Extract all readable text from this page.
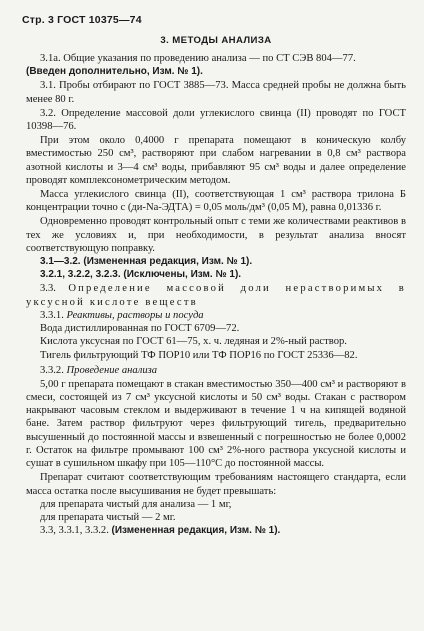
Стр. 3 ГОСТ 10375—74
3. МЕТОДЫ АНАЛИЗА

3.1а. Общие указания по проведению анализа — по СТ СЭВ 804—77.

(Введен дополнительно, Изм. № 1).

3.1. Пробы отбирают по ГОСТ 3885—73. Масса средней пробы не должна быть менее 80 г.

3.2. Определение массовой доли углекислого свинца (II) проводят по ГОСТ 10398—76.

При этом около 0,4000 г препарата помещают в коническую колбу вместимостью 250 см³, растворяют при слабом нагревании в 0,8 см³ раствора азотной кислоты и 3—4 см³ воды, прибавляют 95 см³ воды и далее определение проводят комплексонометрическим методом.

Масса углекислого свинца (II), соответствующая 1 см³ раствора трилона Б концентрации точно с (ди-Na-ЭДТА) = 0,05 моль/дм³ (0,05 М), равна 0,01336 г.

Одновременно проводят контрольный опыт с теми же количествами реактивов в тех же условиях и, при необходимости, в результат анализа вносят соответствующую поправку.

3.1—3.2. (Измененная редакция, Изм. № 1).

3.2.1, 3.2.2, 3.2.3. (Исключены, Изм. № 1).

3.3. Определение массовой доли нерастворимых в уксусной кислоте веществ

3.3.1. Реактивы, растворы и посуда

Вода дистиллированная по ГОСТ 6709—72.

Кислота уксусная по ГОСТ 61—75, х. ч. ледяная и 2%-ный раствор.

Тигель фильтрующий ТФ ПОР10 или ТФ ПОР16 по ГОСТ 25336—82.

3.3.2. Проведение анализа

5,00 г препарата помещают в стакан вместимостью 350—400 см³ и растворяют в смеси, состоящей из 7 см³ уксусной кислоты и 50 см³ воды. Стакан с раствором накрывают часовым стеклом и выдерживают в течение 1 ч на кипящей водяной бане. Затем раствор фильтруют через фильтрующий тигель, предварительно высушенный до постоянной массы и взвешенный с погрешностью не более 0,0002 г. Остаток на фильтре промывают 100 см³ 2%-ного раствора уксусной кислоты и сушат в сушильном шкафу при 105—110°С до постоянной массы.

Препарат считают соответствующим требованиям настоящего стандарта, если масса остатка после высушивания не будет превышать:

для препарата чистый для анализа — 1 мг,

для препарата чистый — 2 мг.

3.3, 3.3.1, 3.3.2. (Измененная редакция, Изм. № 1).
